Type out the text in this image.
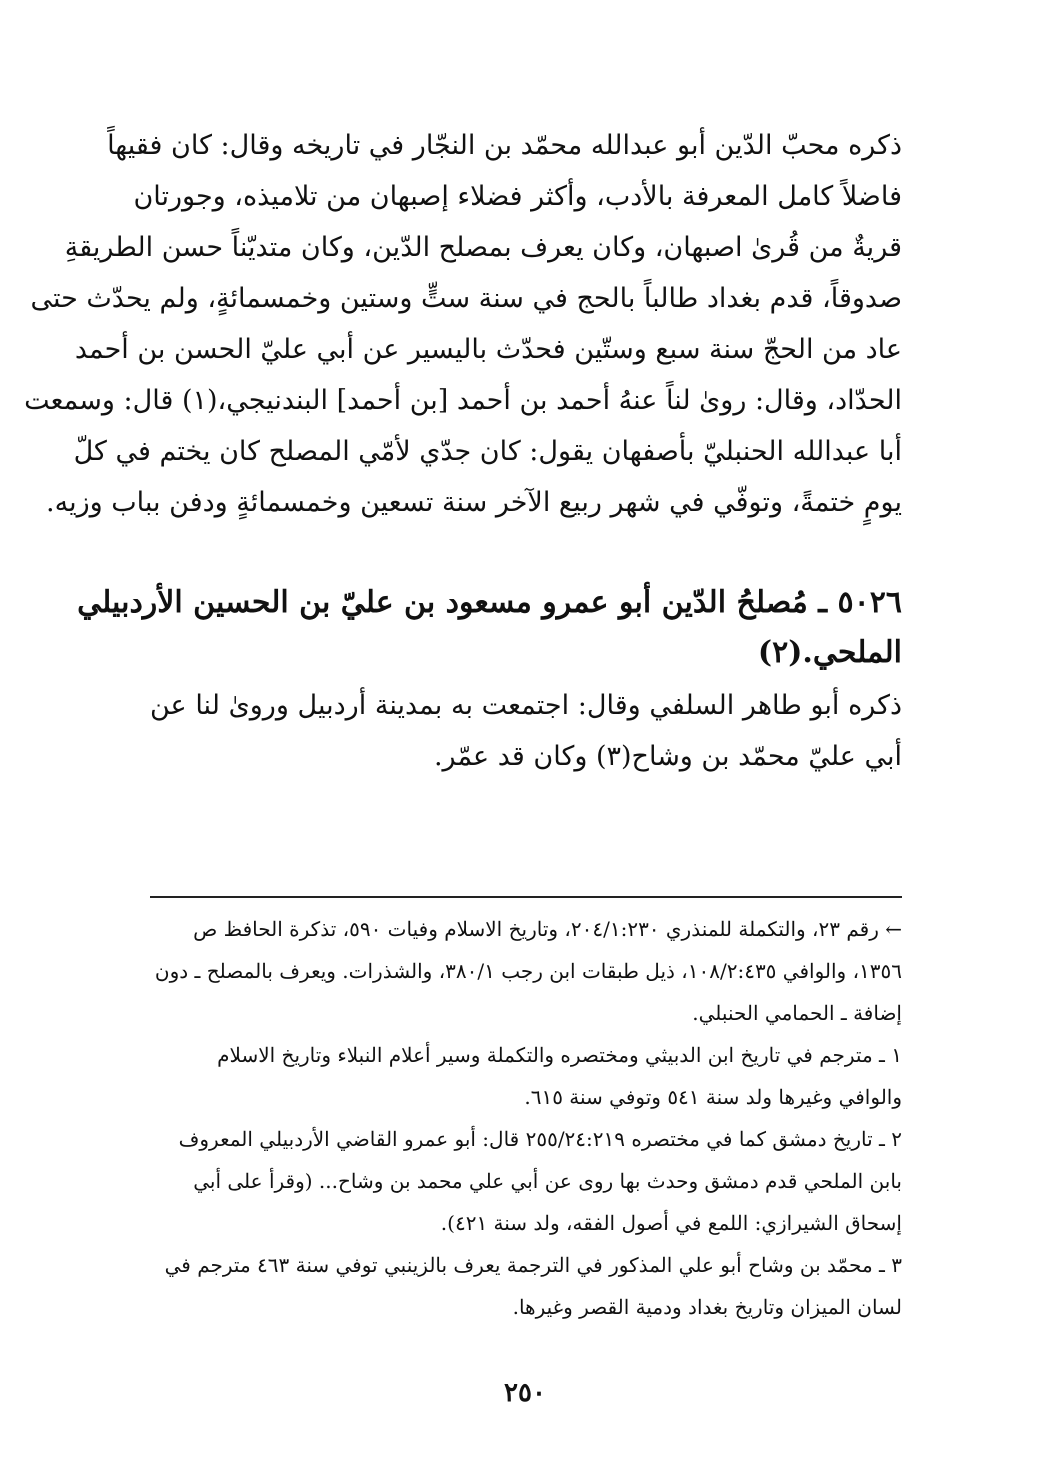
ذكره محبّ الدّين أبو عبدالله محمّد بن النجّار في تاريخه وقال: كان فقيهاً
فاضلاً كامل المعرفة بالأدب، وأكثر فضلاء إصبهان من تلاميذه، وجورتان
قريةٌ من قُرىٰ اصبهان، وكان يعرف بمصلح الدّين، وكان متديّناً حسن الطريقةِ
صدوقاً، قدم بغداد طالباً بالحج في سنة ستٍّ وستين وخمسمائةٍ، ولم يحدّث حتى
عاد من الحجّ سنة سبع وستّين فحدّث باليسير عن أبي عليّ الحسن بن أحمد
الحدّاد، وقال: روىٰ لناً عنهُ أحمد بن أحمد [بن أحمد] البندنيجي،(١) قال: وسمعت
أبا عبدالله الحنبليّ بأصفهان يقول: كان جدّي لأمّي المصلح كان يختم في كلّ
يومٍ ختمةً، وتوفّي في شهر ربيع الآخر سنة تسعين وخمسمائةٍ ودفن بباب وزيه.
٥٠٢٦ ـ مُصلحُ الدّين أبو عمرو مسعود بن عليّ بن الحسين الأردبيلي
الملحي.(٢)
ذكره أبو طاهر السلفي وقال: اجتمعت به بمدينة أردبيل وروىٰ لنا عن
أبي عليّ محمّد بن وشاح(٣) وكان قد عمّر.
← رقم ٢٣، والتكملة للمنذري ٢٠٤/١:٢٣٠، وتاريخ الاسلام وفيات ٥٩٠، تذكرة الحافظ ص ١٣٥٦، والوافي ١٠٨/٢:٤٣٥، ذيل طبقات ابن رجب ٣٨٠/١، والشذرات. ويعرف بالمصلح ـ دون إضافة ـ الحمامي الحنبلي.
١ ـ مترجم في تاريخ ابن الدبيثي ومختصره والتكملة وسير أعلام النبلاء وتاريخ الاسلام والوافي وغيرها ولد سنة ٥٤١ وتوفي سنة ٦١٥.
٢ ـ تاريخ دمشق كما في مختصره ٢٥٥/٢٤:٢١٩ قال: أبو عمرو القاضي الأردبيلي المعروف بابن الملحي قدم دمشق وحدث بها روى عن أبي علي محمد بن وشاح... (وقرأ على أبي إسحاق الشيرازي: اللمع في أصول الفقه، ولد سنة ٤٢١).
٣ ـ محمّد بن وشاح أبو علي المذكور في الترجمة يعرف بالزينبي توفي سنة ٤٦٣ مترجم في لسان الميزان وتاريخ بغداد ودمية القصر وغيرها.
٢٥٠
